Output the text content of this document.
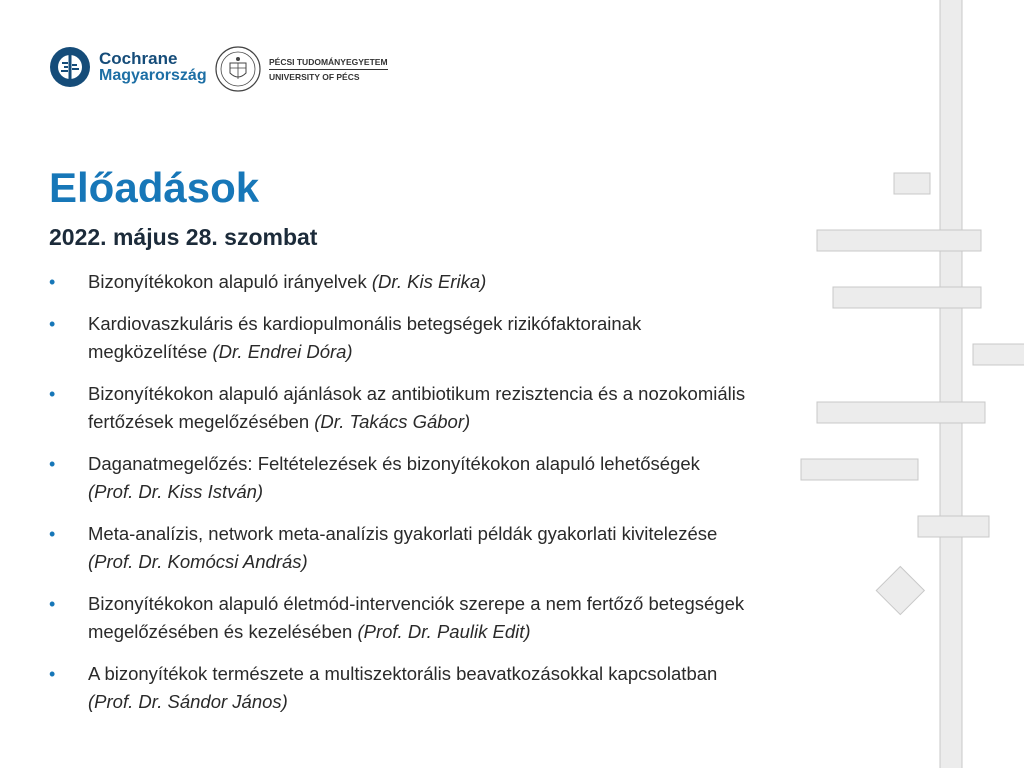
Cochrane
Magyarország
PÉCSI TUDOMÁNYEGYETEM
UNIVERSITY OF PÉCS
Előadások
2022. május 28. szombat
• Bizonyítékokon alapuló irányelvek (Dr. Kis Erika)
• Kardiovaszkuláris és kardiopulmonális betegségek rizikófaktorainak megközelítése (Dr. Endrei Dóra)
• Bizonyítékokon alapuló ajánlások az antibiotikum rezisztencia és a nozokomiális fertőzések megelőzésében (Dr. Takács Gábor)
• Daganatmegelőzés: Feltételezések és bizonyítékokon alapuló lehetőségek (Prof. Dr. Kiss István)
• Meta-analízis, network meta-analízis gyakorlati példák gyakorlati kivitelezése (Prof. Dr. Komócsi András)
• Bizonyítékokon alapuló életmód-intervenciók szerepe a nem fertőző betegségek megelőzésében és kezelésében (Prof. Dr. Paulik Edit)
• A bizonyítékok természete a multiszektorális beavatkozásokkal kapcsolatban (Prof. Dr. Sándor János)
